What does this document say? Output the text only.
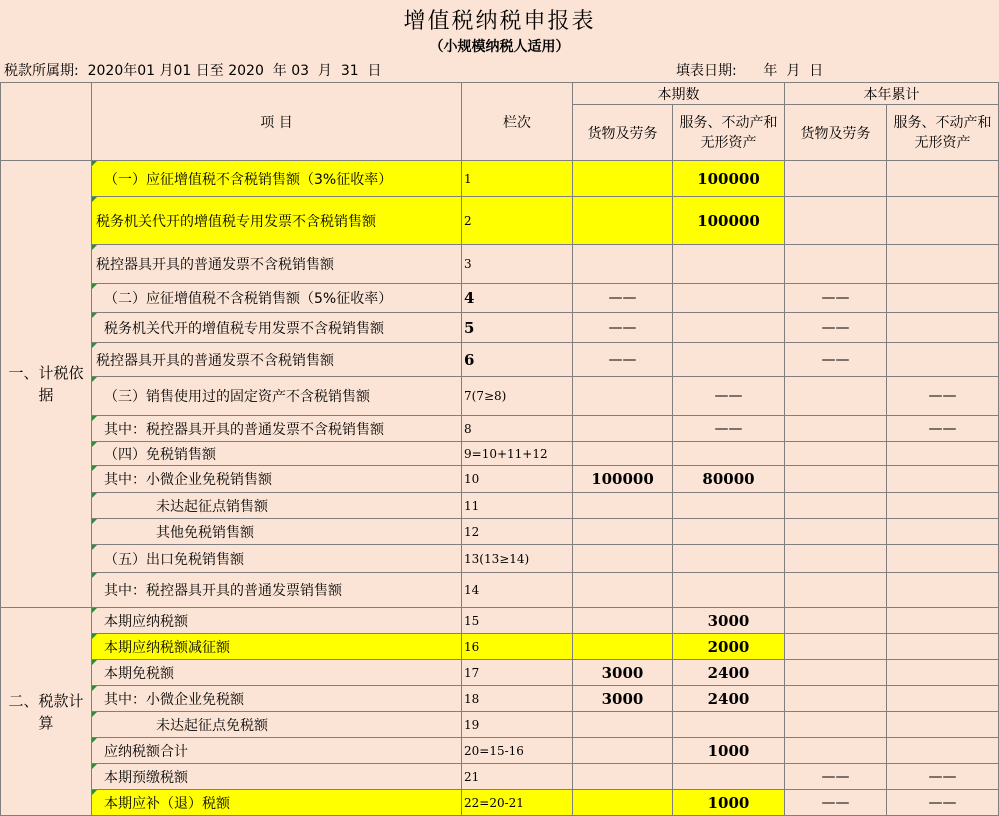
增值税纳税申报表
（小规模纳税人适用）
税款所属期:  2020年01 月01 日至 2020  年 03  月  31  日	填表日期:      年  月  日
	项 目	栏次	本期数		本年累计	
			货物及劳务	服务、不动产和无形资产	货物及劳务	服务、不动产和无形资产
一、计税依据	（一）应征增值税不含税销售额（3%征收率）	1		100000		
	税务机关代开的增值税专用发票不含税销售额	2		100000		
	税控器具开具的普通发票不含税销售额	3				
	（二）应征增值税不含税销售额（5%征收率）	4	——		——	
	税务机关代开的增值税专用发票不含税销售额	5	——		——	
	税控器具开具的普通发票不含税销售额	6	——		——	
	（三）销售使用过的固定资产不含税销售额	7(7≥8)		——		——
	其中：税控器具开具的普通发票不含税销售额	8		——		——
	（四）免税销售额	9=10+11+12				
	其中：小微企业免税销售额	10	100000	80000		
	未达起征点销售额	11				
	其他免税销售额	12				
	（五）出口免税销售额	13(13≥14)				
	其中：税控器具开具的普通发票销售额	14				
二、税款计算	本期应纳税额	15		3000		
	本期应纳税额减征额	16		2000		
	本期免税额	17	3000	2400		
	其中：小微企业免税额	18	3000	2400		
	未达起征点免税额	19				
	应纳税额合计	20=15-16		1000		
	本期预缴税额	21			——	——
	本期应补（退）税额	22=20-21		1000	——	——
